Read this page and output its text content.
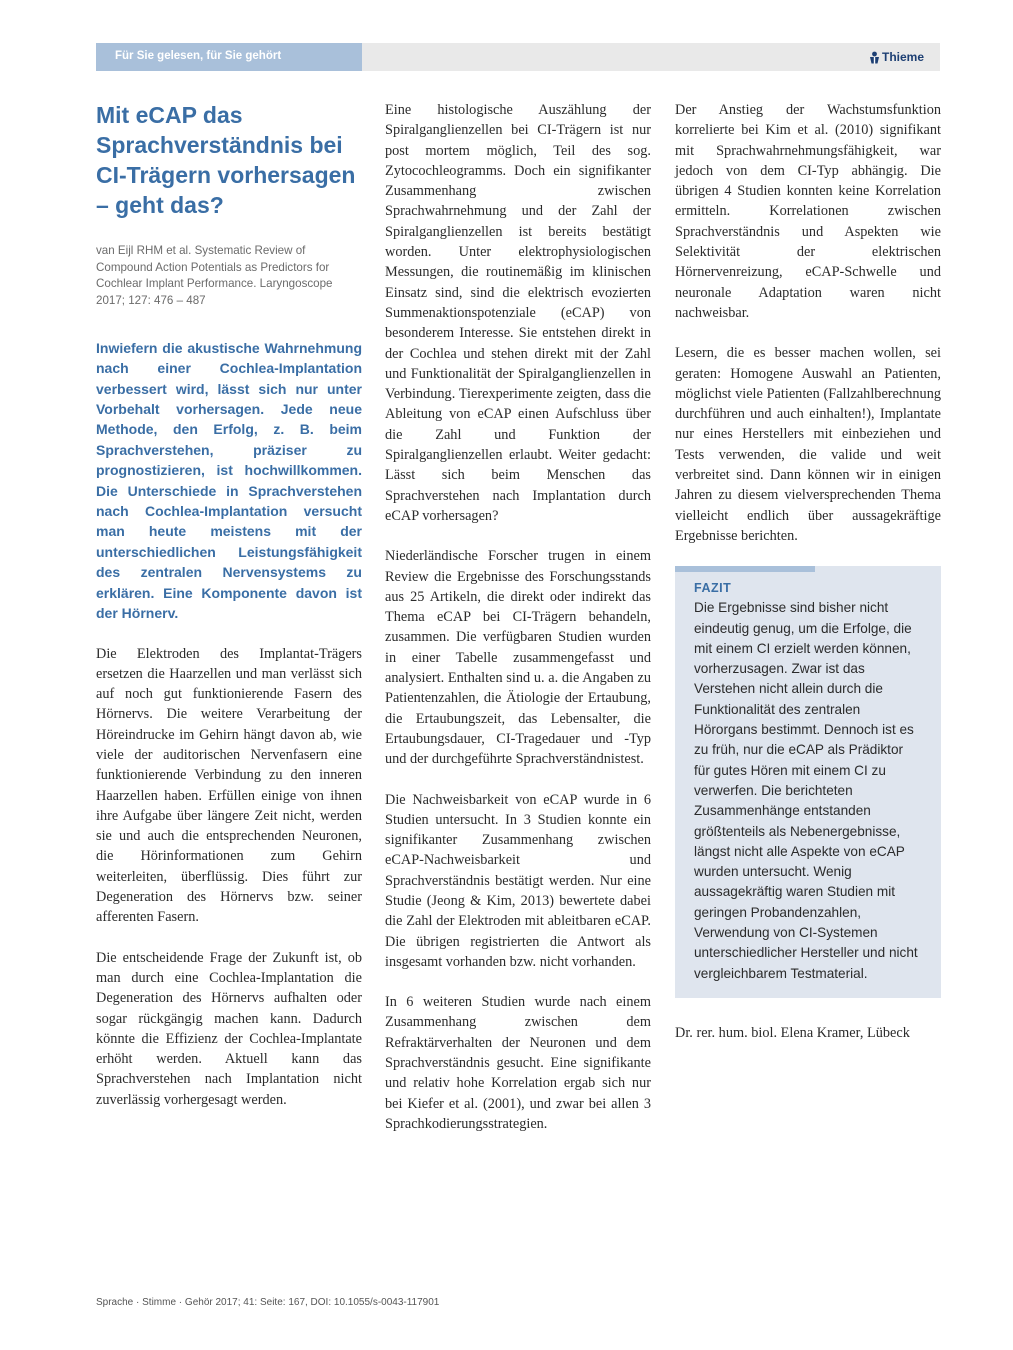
Für Sie gelesen, für Sie gehört	Thieme
Mit eCAP das Sprachverständnis bei CI-Trägern vorhersagen – geht das?

van Eijl RHM et al. Systematic Review of Compound Action Potentials as Predictors for Cochlear Implant Performance. Laryngoscope 2017; 127: 476 – 487

Inwiefern die akustische Wahrnehmung nach einer Cochlea-Implantation verbessert wird, lässt sich nur unter Vorbehalt vorhersagen. Jede neue Methode, den Erfolg, z. B. beim Sprachverstehen, präziser zu prognostizieren, ist hochwillkommen. Die Unterschiede in Sprachverstehen nach Cochlea-Implantation versucht man heute meistens mit der unterschiedlichen Leistungsfähigkeit des zentralen Nervensystems zu erklären. Eine Komponente davon ist der Hörnerv.

Die Elektroden des Implantat-Trägers ersetzen die Haarzellen und man verlässt sich auf noch gut funktionierende Fasern des Hörnervs. Die weitere Verarbeitung der Höreindrucke im Gehirn hängt davon ab, wie viele der auditorischen Nervenfasern eine funktionierende Verbindung zu den inneren Haarzellen haben. Erfüllen einige von ihnen ihre Aufgabe über längere Zeit nicht, werden sie und auch die entsprechenden Neuronen, die Hörinformationen zum Gehirn weiterleiten, überflüssig. Dies führt zur Degeneration des Hörnervs bzw. seiner afferenten Fasern.

Die entscheidende Frage der Zukunft ist, ob man durch eine Cochlea-Implantation die Degeneration des Hörnervs aufhalten oder sogar rückgängig machen kann. Dadurch könnte die Effizienz der Cochlea-Implantate erhöht werden. Aktuell kann das Sprachverstehen nach Implantation nicht zuverlässig vorhergesagt werden.

Eine histologische Auszählung der Spiralganglienzellen bei CI-Trägern ist nur post mortem möglich, Teil des sog. Zytocochleogramms. Doch ein signifikanter Zusammenhang zwischen Sprachwahrnehmung und der Zahl der Spiralganglienzellen ist bereits bestätigt worden. Unter elektrophysiologischen Messungen, die routinemäßig im klinischen Einsatz sind, sind die elektrisch evozierten Summenaktionspotenziale (eCAP) von besonderem Interesse. Sie entstehen direkt in der Cochlea und stehen direkt mit der Zahl und Funktionalität der Spiralganglienzellen in Verbindung. Tierexperimente zeigten, dass die Ableitung von eCAP einen Aufschluss über die Zahl und Funktion der Spiralganglienzellen erlaubt. Weiter gedacht: Lässt sich beim Menschen das Sprachverstehen nach Implantation durch eCAP vorhersagen?

Niederländische Forscher trugen in einem Review die Ergebnisse des Forschungsstands aus 25 Artikeln, die direkt oder indirekt das Thema eCAP bei CI-Trägern behandeln, zusammen. Die verfügbaren Studien wurden in einer Tabelle zusammengefasst und analysiert. Enthalten sind u. a. die Angaben zu Patientenzahlen, die Ätiologie der Ertaubung, die Ertaubungszeit, das Lebensalter, die Ertaubungsdauer, CI-Tragedauer und -Typ und der durchgeführte Sprachverständnistest.

Die Nachweisbarkeit von eCAP wurde in 6 Studien untersucht. In 3 Studien konnte ein signifikanter Zusammenhang zwischen eCAP-Nachweisbarkeit und Sprachverständnis bestätigt werden. Nur eine Studie (Jeong & Kim, 2013) bewertete dabei die Zahl der Elektroden mit ableitbaren eCAP. Die übrigen registrierten die Antwort als insgesamt vorhanden bzw. nicht vorhanden.

In 6 weiteren Studien wurde nach einem Zusammenhang zwischen dem Refraktärverhalten der Neuronen und dem Sprachverständnis gesucht. Eine signifikante und relativ hohe Korrelation ergab sich nur bei Kiefer et al. (2001), und zwar bei allen 3 Sprachkodierungsstrategien.

Der Anstieg der Wachstumsfunktion korrelierte bei Kim et al. (2010) signifikant mit Sprachwahrnehmungsfähigkeit, war jedoch von dem CI-Typ abhängig. Die übrigen 4 Studien konnten keine Korrelation ermitteln. Korrelationen zwischen Sprachverständnis und Aspekten wie Selektivität der elektrischen Hörnervenreizung, eCAP-Schwelle und neuronale Adaptation waren nicht nachweisbar.

Lesern, die es besser machen wollen, sei geraten: Homogene Auswahl an Patienten, möglichst viele Patienten (Fallzahlberechnung durchführen und auch einhalten!), Implantate nur eines Herstellers mit einbeziehen und Tests verwenden, die valide und weit verbreitet sind. Dann können wir in einigen Jahren zu diesem vielversprechenden Thema vielleicht endlich über aussagekräftige Ergebnisse berichten.

FAZIT

Die Ergebnisse sind bisher nicht eindeutig genug, um die Erfolge, die mit einem CI erzielt werden können, vorherzusagen. Zwar ist das Verstehen nicht allein durch die Funktionalität des zentralen Hörorgans bestimmt. Dennoch ist es zu früh, nur die eCAP als Prädiktor für gutes Hören mit einem CI zu verwerfen. Die berichteten Zusammenhänge entstanden größtenteils als Nebenergebnisse, längst nicht alle Aspekte von eCAP wurden untersucht. Wenig aussagekräftig waren Studien mit geringen Probandenzahlen, Verwendung von CI-Systemen unterschiedlicher Hersteller und nicht vergleichbarem Testmaterial.

Dr. rer. hum. biol. Elena Kramer, Lübeck

Sprache · Stimme · Gehör 2017; 41: Seite: 167, DOI: 10.1055/s-0043-117901
